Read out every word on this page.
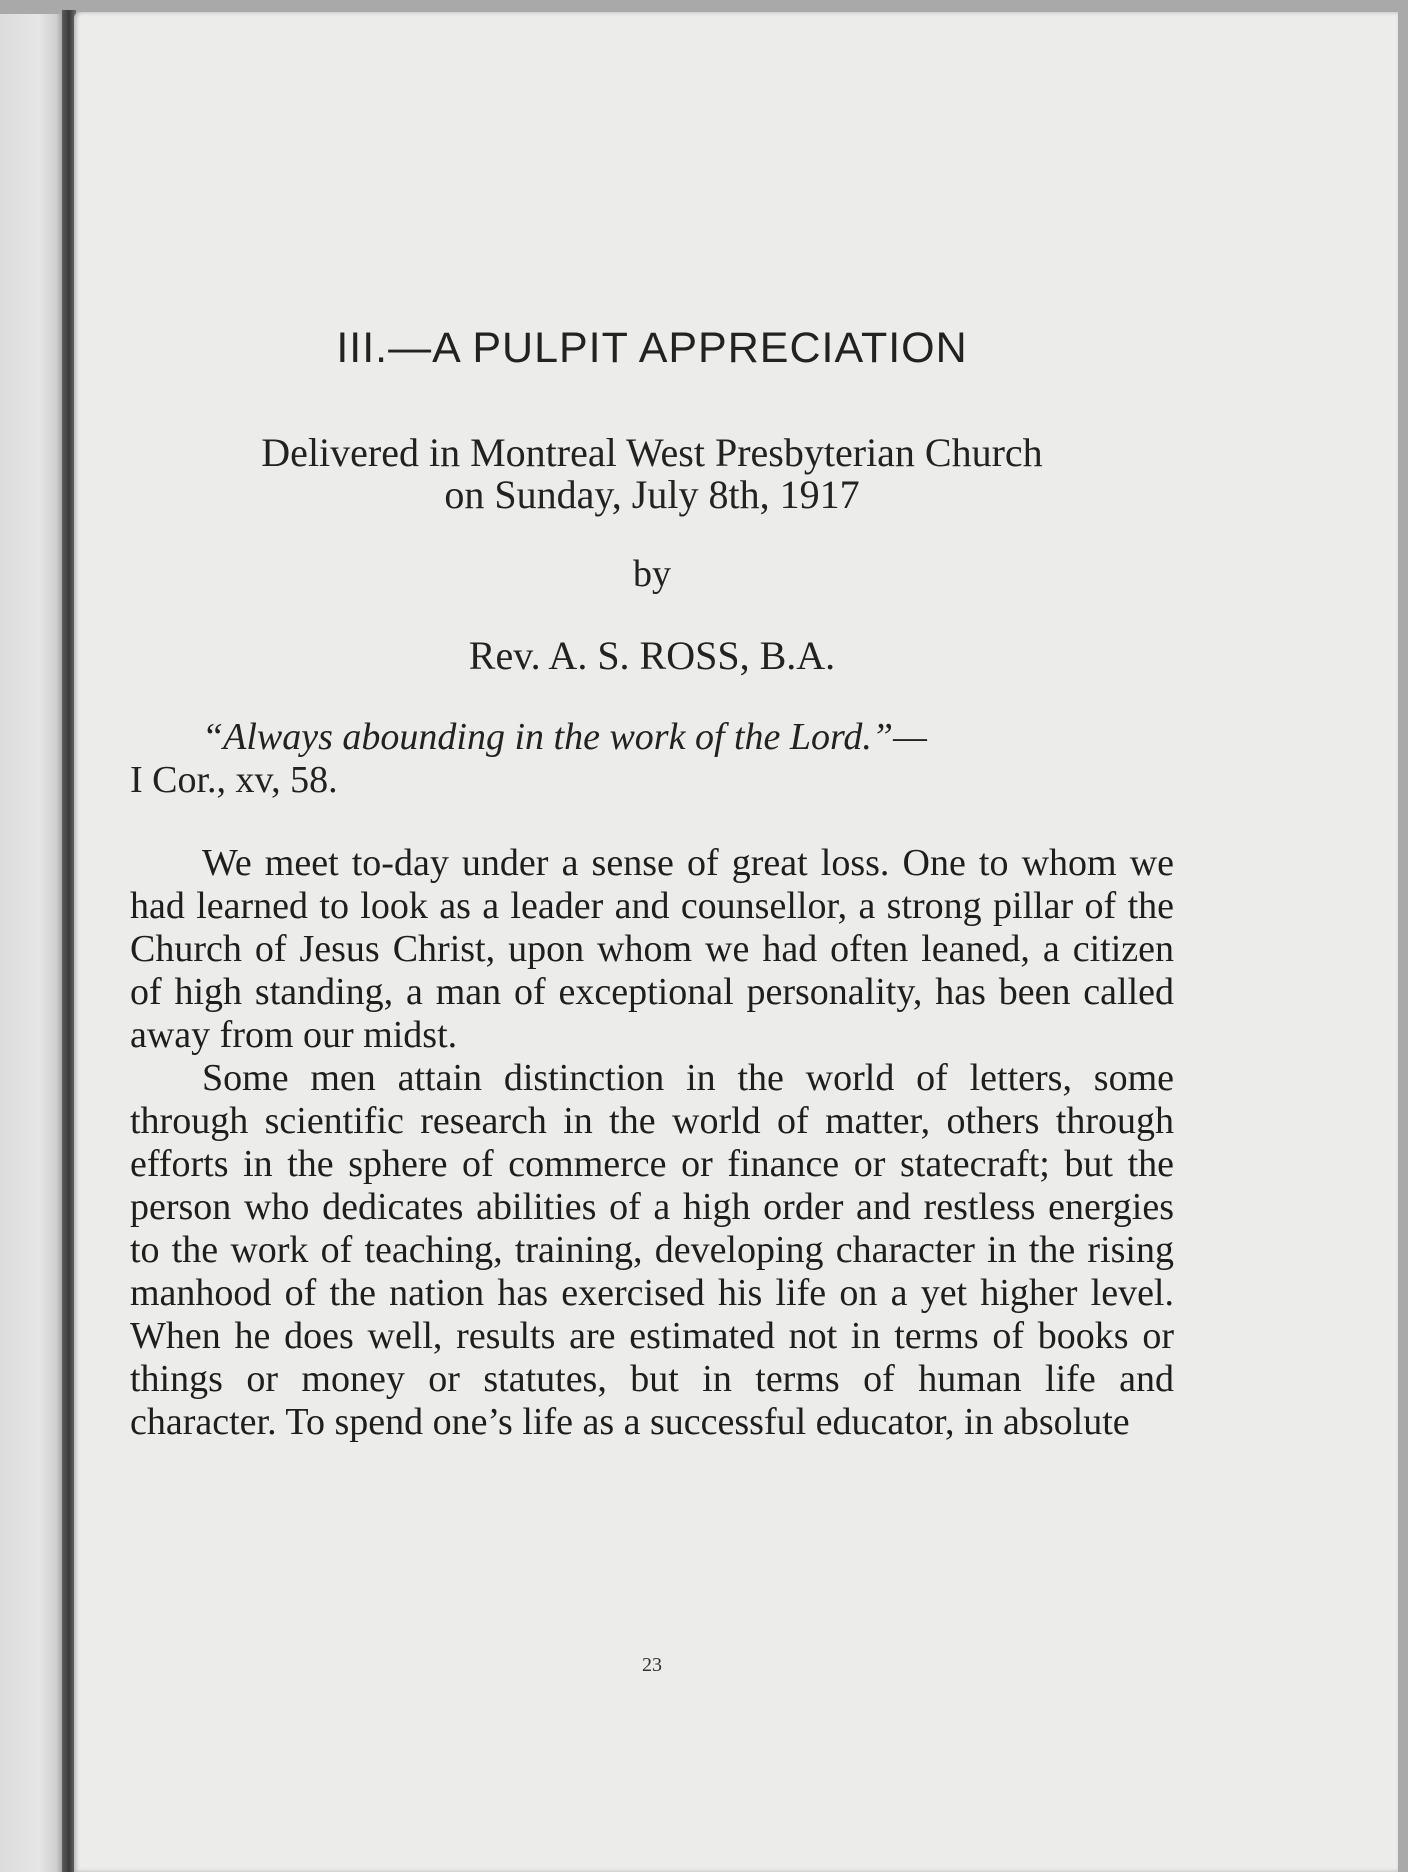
III.—A PULPIT APPRECIATION
Delivered in Montreal West Presbyterian Church
on Sunday, July 8th, 1917
by
Rev. A. S. ROSS, B.A.
“Always abounding in the work of the Lord.”—
I Cor., xv, 58.

We meet to-day under a sense of great loss. One to whom we had learned to look as a leader and counsellor, a strong pillar of the Church of Jesus Christ, upon whom we had often leaned, a citizen of high standing, a man of exceptional personality, has been called away from our midst.

Some men attain distinction in the world of letters, some through scientific research in the world of matter, others through efforts in the sphere of commerce or finance or statecraft; but the person who dedicates abilities of a high order and restless energies to the work of teaching, training, developing character in the rising manhood of the nation has exercised his life on a yet higher level. When he does well, results are estimated not in terms of books or things or money or statutes, but in terms of human life and character. To spend one’s life as a successful educator, in absolute

23
